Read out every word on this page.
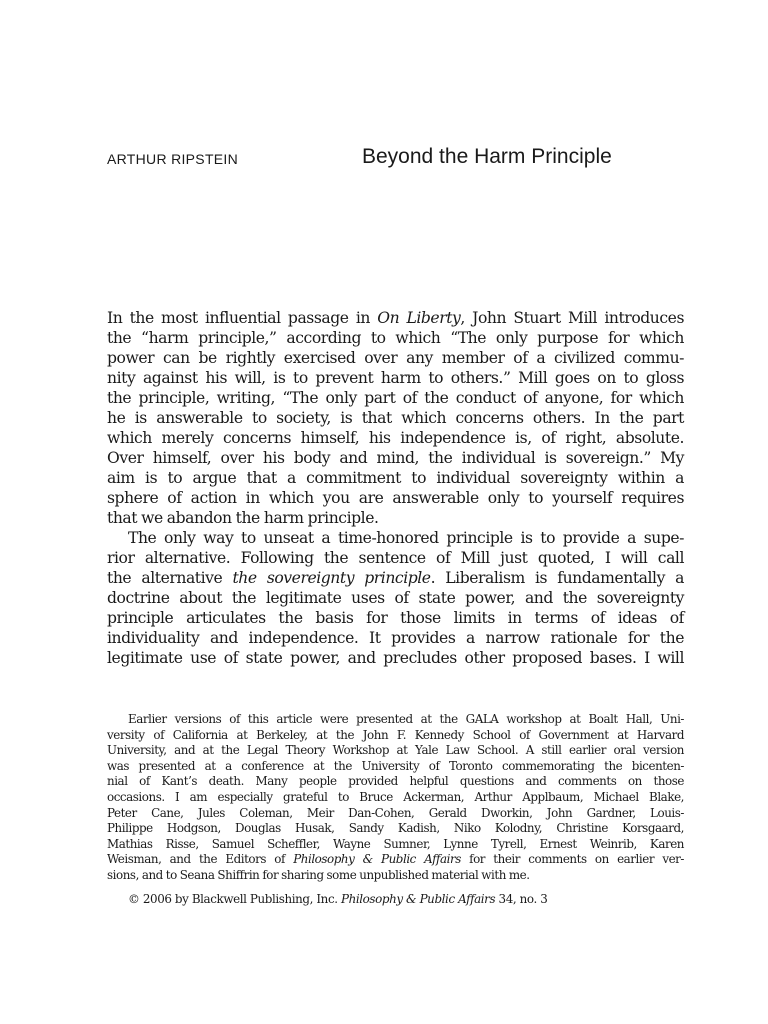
ARTHUR RIPSTEIN	Beyond the Harm Principle
In the most influential passage in On Liberty, John Stuart Mill introduces
the “harm principle,” according to which “The only purpose for which
power can be rightly exercised over any member of a civilized commu-
nity against his will, is to prevent harm to others.” Mill goes on to gloss
the principle, writing, “The only part of the conduct of anyone, for which
he is answerable to society, is that which concerns others. In the part
which merely concerns himself, his independence is, of right, absolute.
Over himself, over his body and mind, the individual is sovereign.” My
aim is to argue that a commitment to individual sovereignty within a
sphere of action in which you are answerable only to yourself requires
that we abandon the harm principle.
The only way to unseat a time-honored principle is to provide a supe-
rior alternative. Following the sentence of Mill just quoted, I will call
the alternative the sovereignty principle. Liberalism is fundamentally a
doctrine about the legitimate uses of state power, and the sovereignty
principle articulates the basis for those limits in terms of ideas of
individuality and independence. It provides a narrow rationale for the
legitimate use of state power, and precludes other proposed bases. I will
Earlier versions of this article were presented at the GALA workshop at Boalt Hall, Uni-
versity of California at Berkeley, at the John F. Kennedy School of Government at Harvard
University, and at the Legal Theory Workshop at Yale Law School. A still earlier oral version
was presented at a conference at the University of Toronto commemorating the bicenten-
nial of Kant’s death. Many people provided helpful questions and comments on those
occasions. I am especially grateful to Bruce Ackerman, Arthur Applbaum, Michael Blake,
Peter Cane, Jules Coleman, Meir Dan-Cohen, Gerald Dworkin, John Gardner, Louis-
Philippe Hodgson, Douglas Husak, Sandy Kadish, Niko Kolodny, Christine Korsgaard,
Mathias Risse, Samuel Scheffler, Wayne Sumner, Lynne Tyrell, Ernest Weinrib, Karen
Weisman, and the Editors of Philosophy & Public Affairs for their comments on earlier ver-
sions, and to Seana Shiffrin for sharing some unpublished material with me.
© 2006 by Blackwell Publishing, Inc. Philosophy & Public Affairs 34, no. 3
